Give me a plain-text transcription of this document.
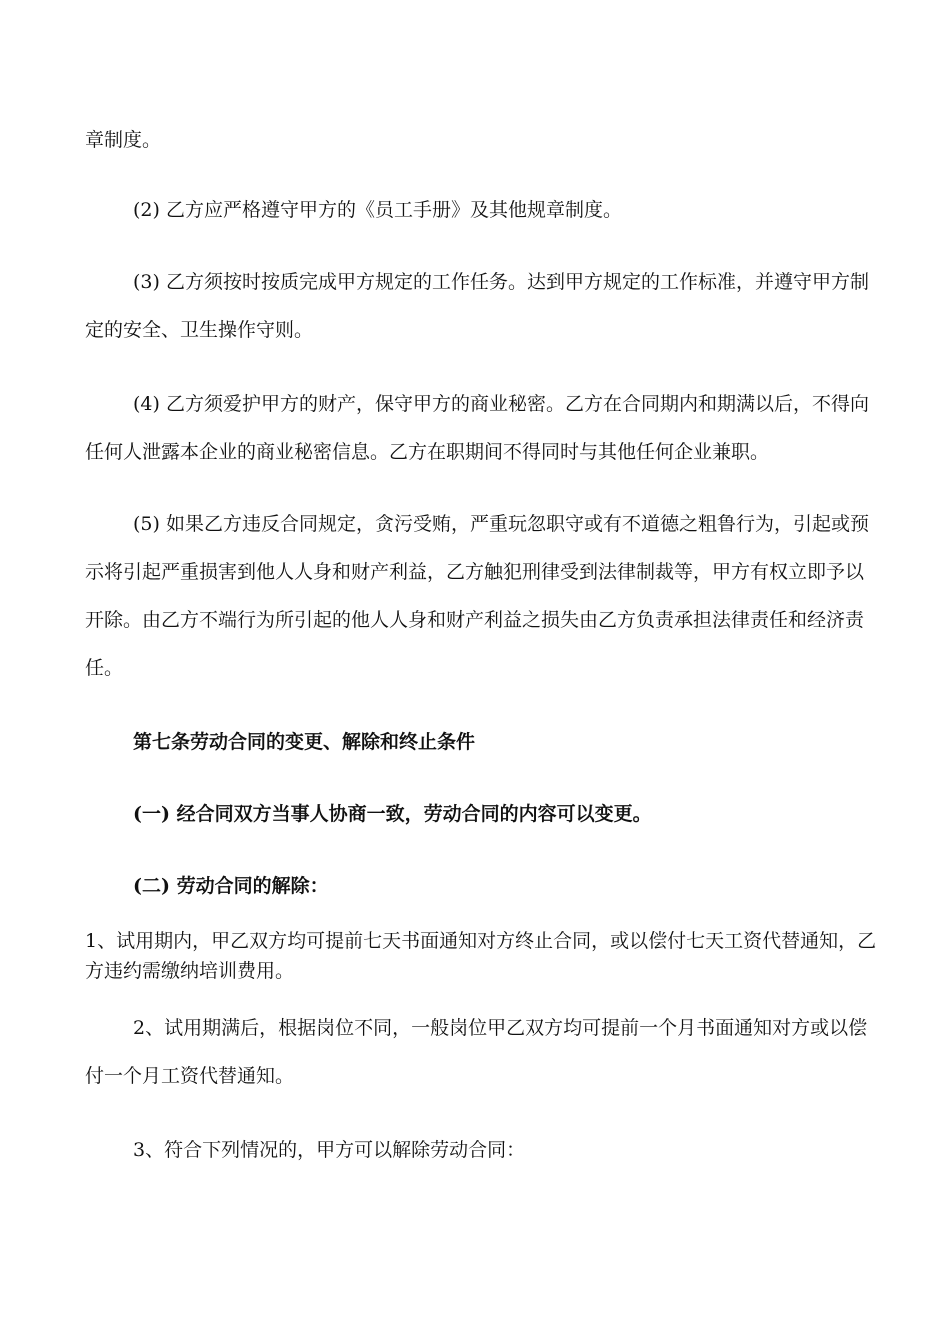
章制度。

(2) 乙方应严格遵守甲方的《员工手册》及其他规章制度。

(3) 乙方须按时按质完成甲方规定的工作任务。达到甲方规定的工作标准，并遵守甲方制定的安全、卫生操作守则。

(4) 乙方须爱护甲方的财产，保守甲方的商业秘密。乙方在合同期内和期满以后，不得向任何人泄露本企业的商业秘密信息。乙方在职期间不得同时与其他任何企业兼职。

(5) 如果乙方违反合同规定，贪污受贿，严重玩忽职守或有不道德之粗鲁行为，引起或预示将引起严重损害到他人人身和财产利益，乙方触犯刑律受到法律制裁等，甲方有权立即予以开除。由乙方不端行为所引起的他人人身和财产利益之损失由乙方负责承担法律责任和经济责任。

第七条劳动合同的变更、解除和终止条件

(一) 经合同双方当事人协商一致，劳动合同的内容可以变更。

(二) 劳动合同的解除：

1、试用期内，甲乙双方均可提前七天书面通知对方终止合同，或以偿付七天工资代替通知，乙方违约需缴纳培训费用。

2、试用期满后，根据岗位不同，一般岗位甲乙双方均可提前一个月书面通知对方或以偿付一个月工资代替通知。

3、符合下列情况的，甲方可以解除劳动合同：
